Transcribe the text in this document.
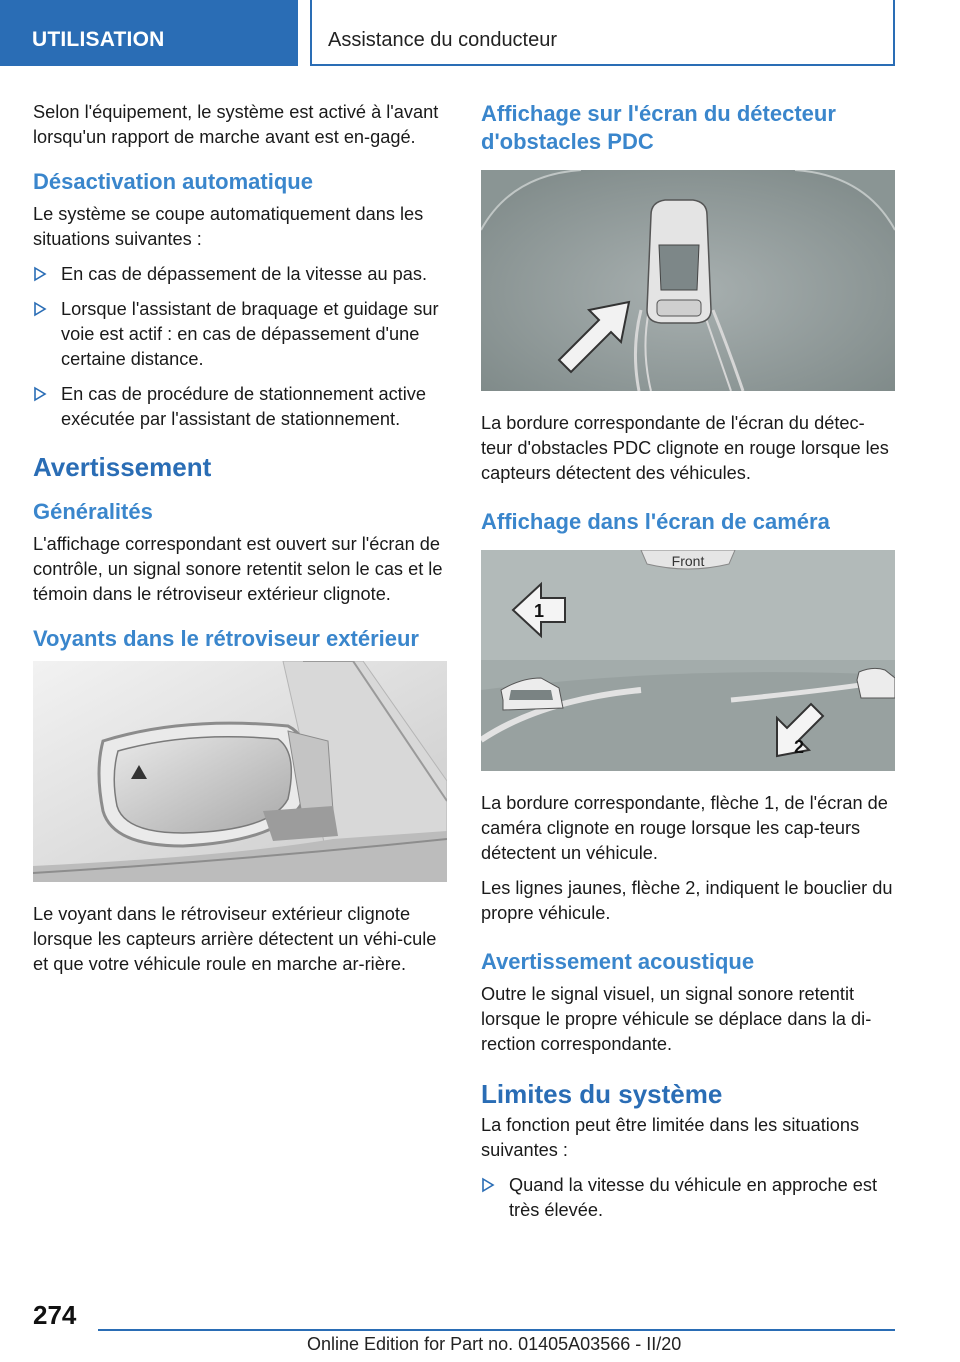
UTILISATION	Assistance du conducteur

Selon l'équipement, le système est activé à l'avant lorsqu'un rapport de marche avant est en-gagé.

Désactivation automatique

Le système se coupe automatiquement dans les situations suivantes :

En cas de dépassement de la vitesse au pas.
Lorsque l'assistant de braquage et guidage sur voie est actif : en cas de dépassement d'une certaine distance.
En cas de procédure de stationnement active exécutée par l'assistant de stationnement.
Avertissement
Généralités

L'affichage correspondant est ouvert sur l'écran de contrôle, un signal sonore retentit selon le cas et le témoin dans le rétroviseur extérieur clignote.

Voyants dans le rétroviseur extérieur

Le voyant dans le rétroviseur extérieur clignote lorsque les capteurs arrière détectent un véhi-cule et que votre véhicule roule en marche ar-rière.

Affichage sur l'écran du détecteur d'obstacles PDC

La bordure correspondante de l'écran du détec-teur d'obstacles PDC clignote en rouge lorsque les capteurs détectent des véhicules.

Affichage dans l'écran de caméra
Front
1
2

La bordure correspondante, flèche 1, de l'écran de caméra clignote en rouge lorsque les cap-teurs détectent un véhicule.

Les lignes jaunes, flèche 2, indiquent le bouclier du propre véhicule.

Avertissement acoustique

Outre le signal visuel, un signal sonore retentit lorsque le propre véhicule se déplace dans la di-rection correspondante.

Limites du système

La fonction peut être limitée dans les situations suivantes :

Quand la vitesse du véhicule en approche est très élevée.
274
Online Edition for Part no. 01405A03566 - II/20
